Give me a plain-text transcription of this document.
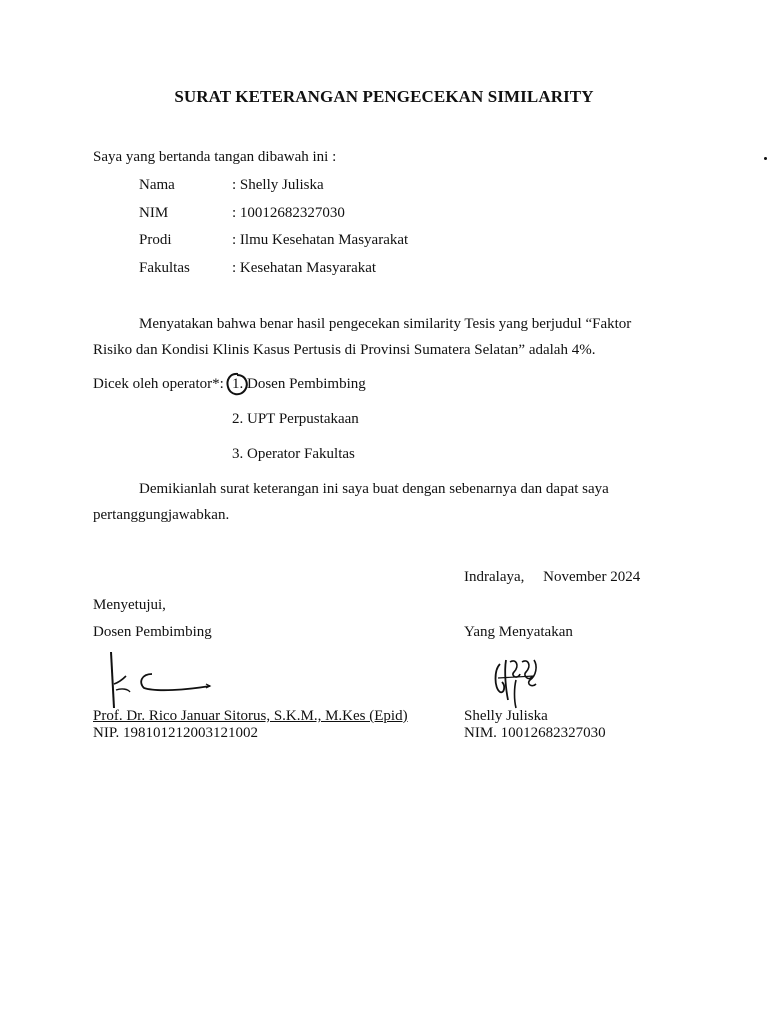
SURAT KETERANGAN PENGECEKAN SIMILARITY
Saya yang bertanda tangan dibawah ini :
Nama	: Shelly Juliska
NIM	: 10012682327030
Prodi	: Ilmu Kesehatan Masyarakat
Fakultas	: Kesehatan Masyarakat
Menyatakan bahwa benar hasil pengecekan similarity Tesis yang berjudul “Faktor
Risiko dan Kondisi Klinis Kasus Pertusis di Provinsi Sumatera Selatan” adalah 4%.
Dicek oleh operator*: 1. Dosen Pembimbing
2. UPT Perpustakaan
3. Operator Fakultas
Demikianlah surat keterangan ini saya buat dengan sebenarnya dan dapat saya
pertanggungjawabkan.
Indralaya,     November 2024
Menyetujui,
Dosen Pembimbing
Prof. Dr. Rico Januar Sitorus, S.K.M., M.Kes (Epid)
NIP. 198101212003121002
Yang Menyatakan
Shelly Juliska
NIM. 10012682327030
